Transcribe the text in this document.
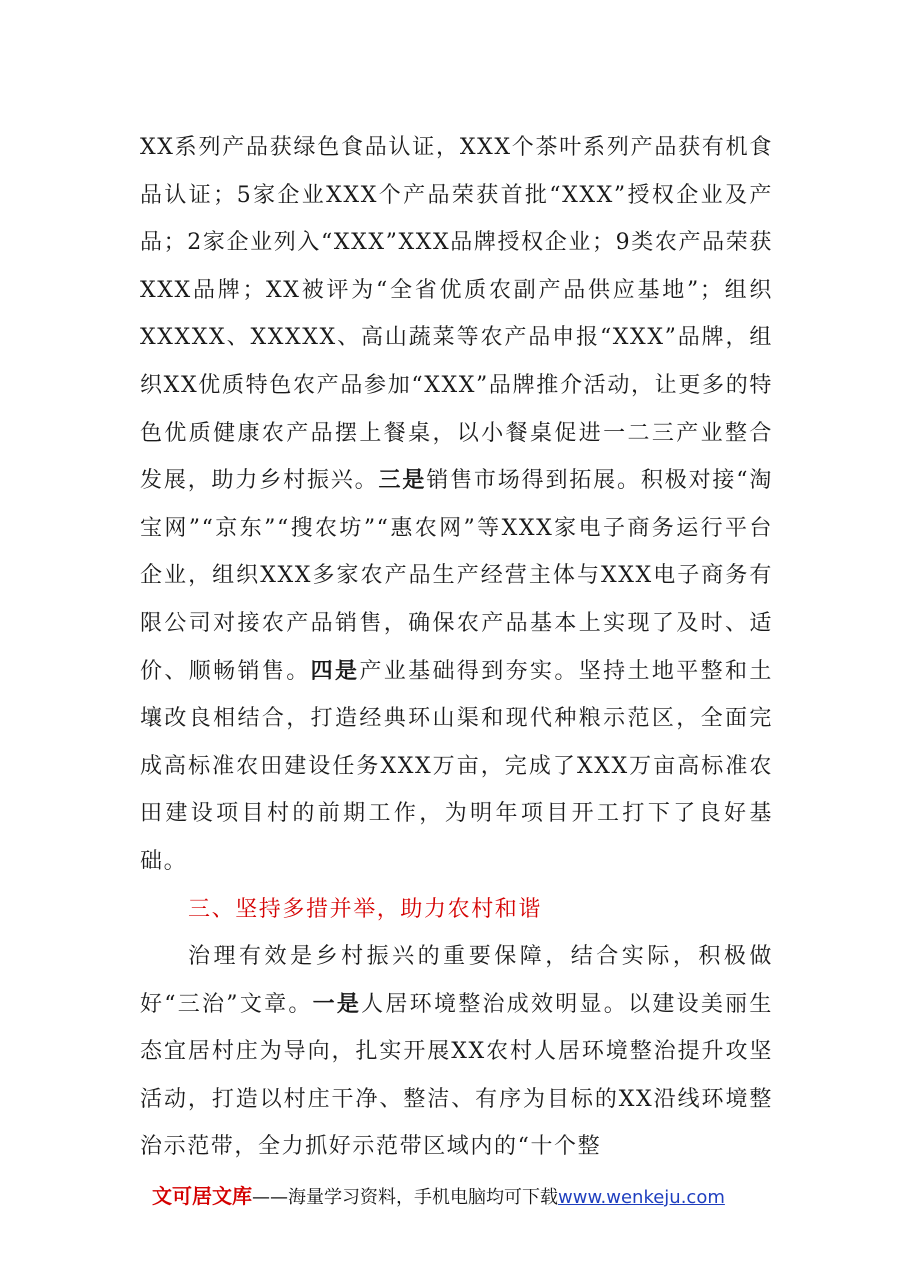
XX系列产品获绿色食品认证，XXX个茶叶系列产品获有机食品认证；5家企业XXX个产品荣获首批“XXX”授权企业及产品；2家企业列入“XXX”XXX品牌授权企业；9类农产品荣获XXX品牌；XX被评为“全省优质农副产品供应基地”；组织XXXXX、XXXXX、高山蔬菜等农产品申报“XXX”品牌，组织XX优质特色农产品参加“XXX”品牌推介活动，让更多的特色优质健康农产品摆上餐桌，以小餐桌促进一二三产业整合发展，助力乡村振兴。三是销售市场得到拓展。积极对接“淘宝网”“京东”“搜农坊”“惠农网”等XXX家电子商务运行平台企业，组织XXX多家农产品生产经营主体与XXX电子商务有限公司对接农产品销售，确保农产品基本上实现了及时、适价、顺畅销售。四是产业基础得到夯实。坚持土地平整和土壤改良相结合，打造经典环山渠和现代种粮示范区，全面完成高标准农田建设任务XXX万亩，完成了XXX万亩高标准农田建设项目村的前期工作，为明年项目开工打下了良好基础。

三、坚持多措并举，助力农村和谐

治理有效是乡村振兴的重要保障，结合实际，积极做好“三治”文章。一是人居环境整治成效明显。以建设美丽生态宜居村庄为导向，扎实开展XX农村人居环境整治提升攻坚活动，打造以村庄干净、整洁、有序为目标的XX沿线环境整治示范带，全力抓好示范带区域内的“十个整

文可居文库 ——海量学习资料，手机电脑均可下载 www.wenkeju.com
